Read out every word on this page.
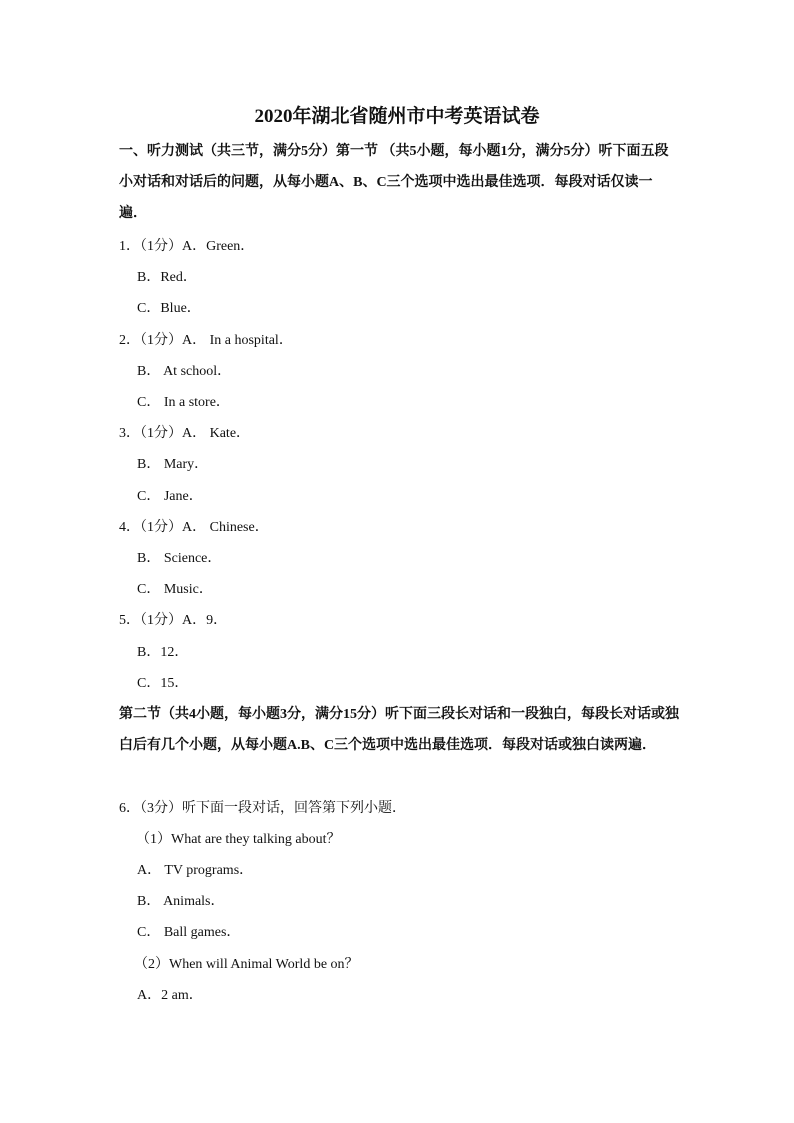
2020年湖北省随州市中考英语试卷
一、听力测试（共三节，满分5分）第一节 （共5小题，每小题1分，满分5分）听下面五段小对话和对话后的问题，从每小题A、B、C三个选项中选出最佳选项．每段对话仅读一遍．
1．（1分）A．Green．
B．Red．
C．Blue．
2．（1分）A． In a hospital．
B． At school．
C． In a store．
3．（1分）A． Kate．
B． Mary．
C． Jane．
4．（1分）A． Chinese．
B． Science．
C． Music．
5．（1分）A．9．
B．12．
C．15．
第二节（共4小题，每小题3分，满分15分）听下面三段长对话和一段独白，每段长对话或独白后有几个小题，从每小题A.B、C三个选项中选出最佳选项．每段对话或独白读两遍．
6．（3分）听下面一段对话，回答第下列小题．
（1）What are they talking about？
A． TV programs．
B． Animals．
C． Ball games．
（2）When will Animal World be on？
A．2 am．
